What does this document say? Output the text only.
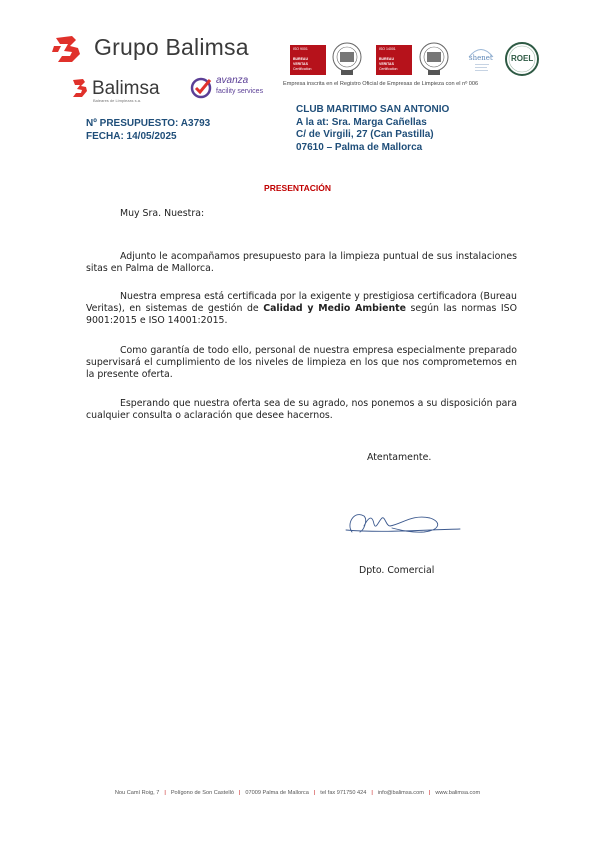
Grupo Balimsa
Balimsa
Baleares de Limpiezas s.a.
avanza
facility services
ISO 9001
BUREAU VERITAS
Certification
ISO 14001
BUREAU VERITAS
Certification
shenet ROEL
Empresa inscrita en el Registro Oficial de Empresas de Limpieza con el nº 006
Nº PRESUPUESTO: A3793
FECHA: 14/05/2025
CLUB MARITIMO SAN ANTONIO
A la at: Sra. Marga Cañellas
C/ de Virgili, 27 (Can Pastilla)
07610 – Palma de Mallorca
PRESENTACIÓN
Muy Sra. Nuestra:
Adjunto le acompañamos presupuesto para la limpieza puntual de sus instalaciones sitas en Palma de Mallorca.
Nuestra empresa está certificada por la exigente y prestigiosa certificadora (Bureau Veritas), en sistemas de gestión de Calidad y Medio Ambiente según las normas ISO 9001:2015 e ISO 14001:2015.
Como garantía de todo ello, personal de nuestra empresa especialmente preparado supervisará el cumplimiento de los niveles de limpieza en los que nos comprometemos en la presente oferta.
Esperando que nuestra oferta sea de su agrado, nos ponemos a su disposición para cualquier consulta o aclaración que desee hacernos.
Atentamente.
Dpto. Comercial
Nou Camí Roig, 7 | Polígono de Son Castelló | 07009 Palma de Mallorca | tel fax 971750 424 | info@balimsa.com | www.balimsa.com
